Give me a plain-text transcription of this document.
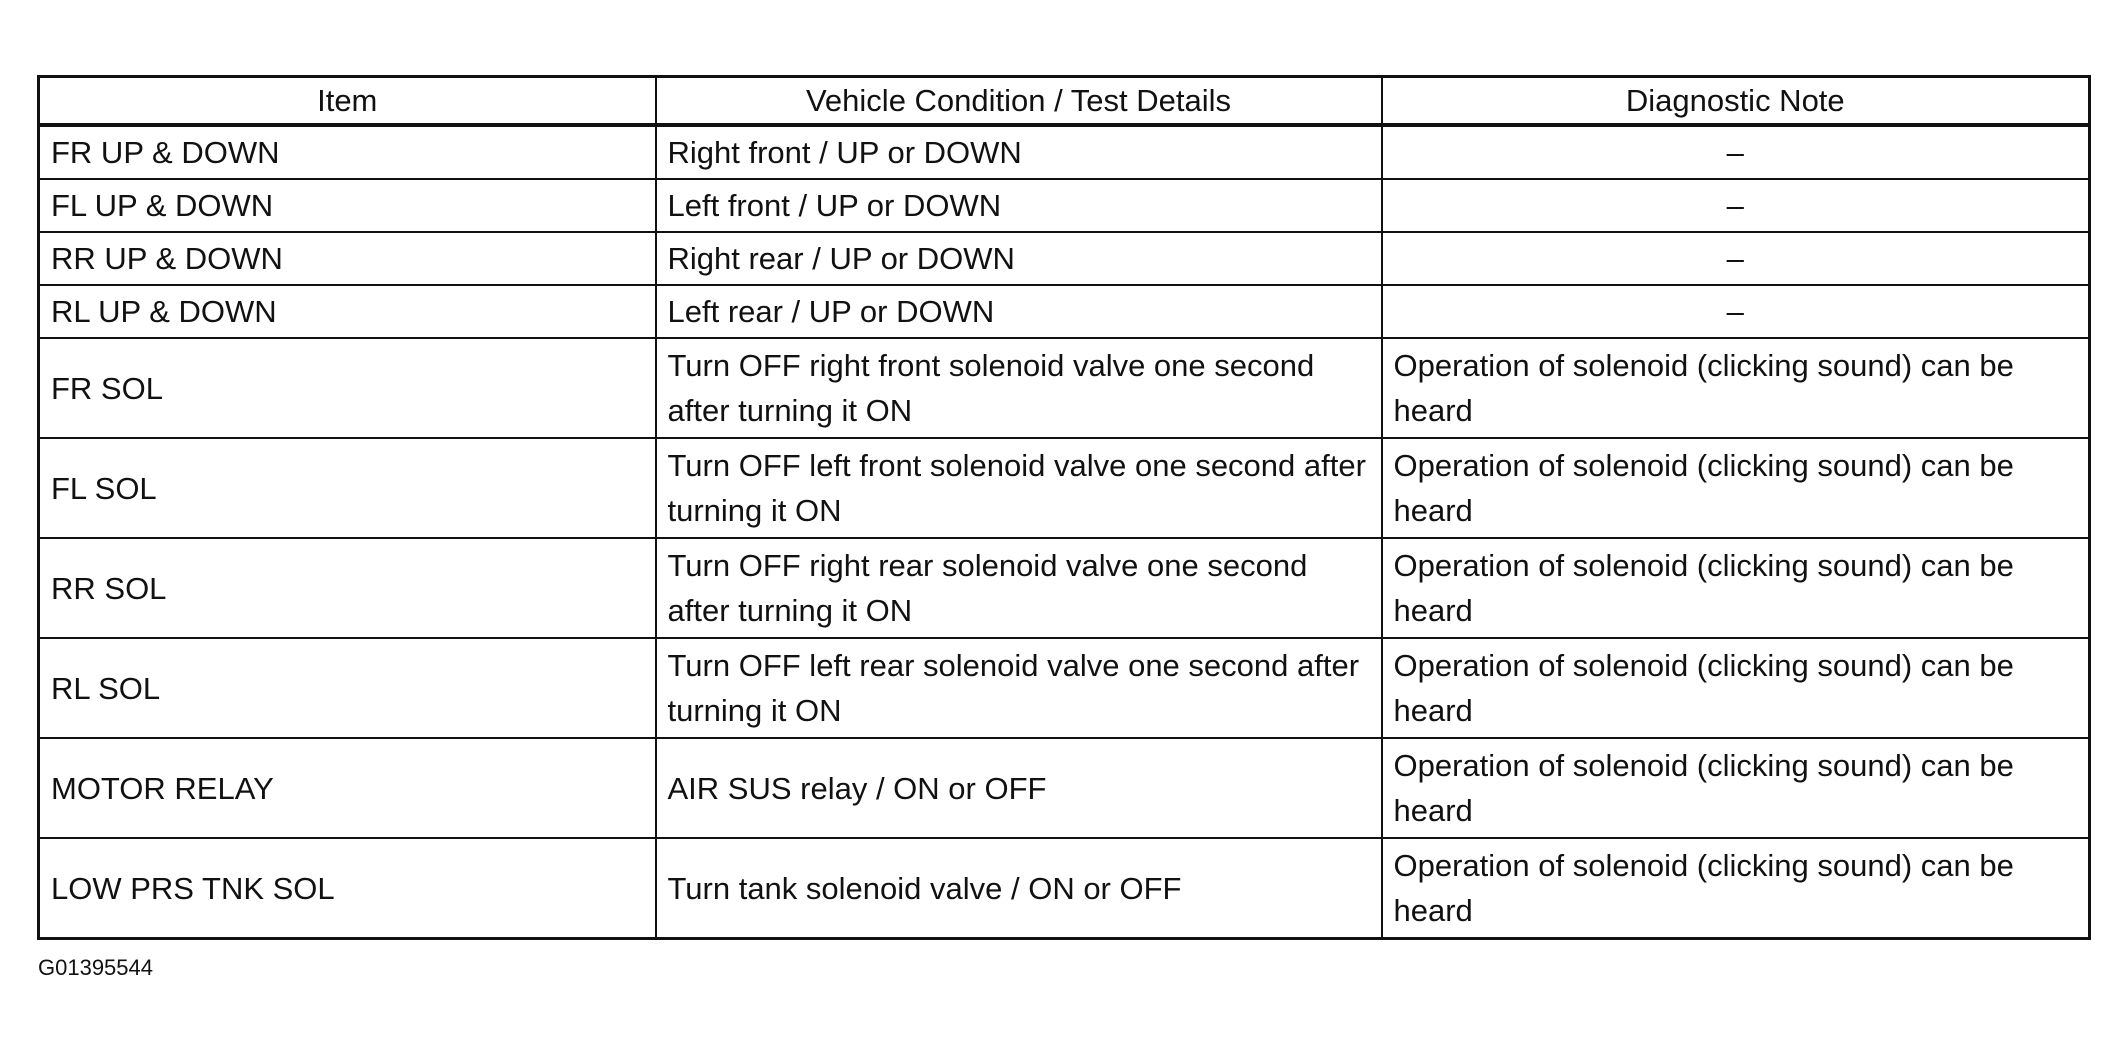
Item	Vehicle Condition / Test Details	Diagnostic Note
FR UP & DOWN	Right front / UP or DOWN	–
FL UP & DOWN	Left front / UP or DOWN	–
RR UP & DOWN	Right rear / UP or DOWN	–
RL UP & DOWN	Left rear / UP or DOWN	–
FR SOL	Turn OFF right front solenoid valve one second after turning it ON	Operation of solenoid (clicking sound) can be heard
FL SOL	Turn OFF left front solenoid valve one second after turning it ON	Operation of solenoid (clicking sound) can be heard
RR SOL	Turn OFF right rear solenoid valve one second after turning it ON	Operation of solenoid (clicking sound) can be heard
RL SOL	Turn OFF left rear solenoid valve one second after turning it ON	Operation of solenoid (clicking sound) can be heard
MOTOR RELAY	AIR SUS relay / ON or OFF	Operation of solenoid (clicking sound) can be heard
LOW PRS TNK SOL	Turn tank solenoid valve / ON or OFF	Operation of solenoid (clicking sound) can be heard
G01395544
